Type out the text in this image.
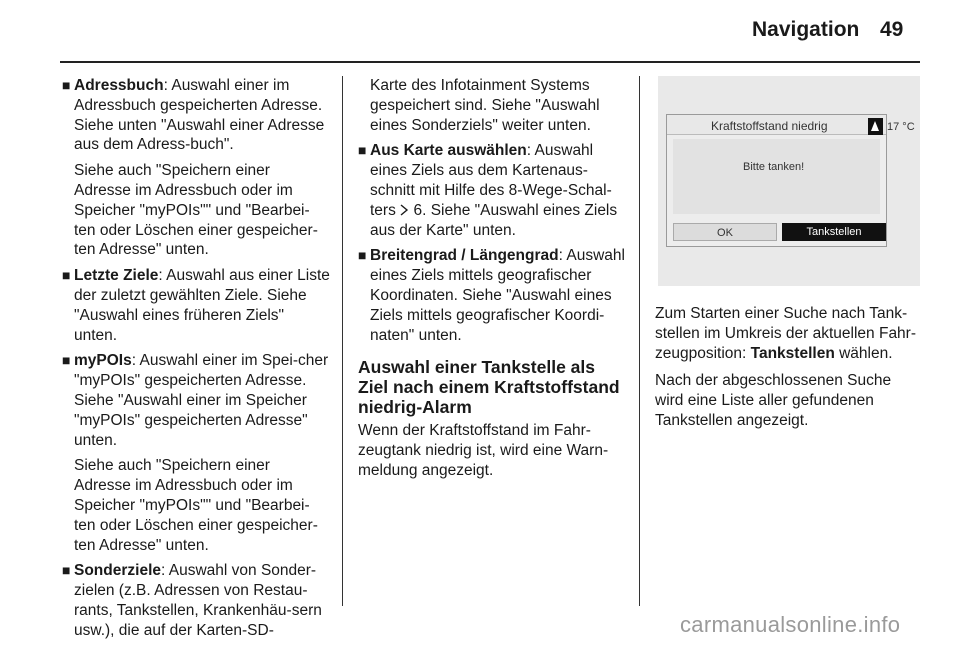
Navigation 49
■ Adressbuch: Auswahl einer im Adressbuch gespeicherten Adresse. Siehe unten "Auswahl einer Adresse aus dem Adress-buch".
Siehe auch "Speichern einer Adresse im Adressbuch oder im Speicher "myPOIs"" und "Bearbei-ten oder Löschen einer gespeicher-ten Adresse" unten.
■ Letzte Ziele: Auswahl aus einer Liste der zuletzt gewählten Ziele. Siehe "Auswahl eines früheren Ziels" unten.
■ myPOIs: Auswahl einer im Spei-cher "myPOIs" gespeicherten Adresse. Siehe "Auswahl einer im Speicher "myPOIs" gespeicherten Adresse" unten.
Siehe auch "Speichern einer Adresse im Adressbuch oder im Speicher "myPOIs"" und "Bearbei-ten oder Löschen einer gespeicher-ten Adresse" unten.
■ Sonderziele: Auswahl von Sonder-zielen (z.B. Adressen von Restau-rants, Tankstellen, Krankenhäu-sern usw.), die auf der Karten-SD-
Karte des Infotainment Systems gespeichert sind. Siehe "Auswahl eines Sonderziels" weiter unten.
■ Aus Karte auswählen: Auswahl eines Ziels aus dem Kartenaus-schnitt mit Hilfe des 8-Wege-Schal-ters  6. Siehe "Auswahl eines Ziels aus der Karte" unten.
■ Breitengrad / Längengrad: Auswahl eines Ziels mittels geografischer Koordinaten. Siehe "Auswahl eines Ziels mittels geografischer Koordi-naten" unten.
Auswahl einer Tankstelle als Ziel nach einem Kraftstoffstand niedrig-Alarm
Wenn der Kraftstoffstand im Fahr-zeugtank niedrig ist, wird eine Warn-meldung angezeigt.
Kraftstoffstand niedrig
Bitte tanken!
OK	Tankstellen
17 °C
Zum Starten einer Suche nach Tank-stellen im Umkreis der aktuellen Fahr-zeugposition: Tankstellen wählen.
Nach der abgeschlossenen Suche wird eine Liste aller gefundenen Tankstellen angezeigt.
carmanualsonline.info
